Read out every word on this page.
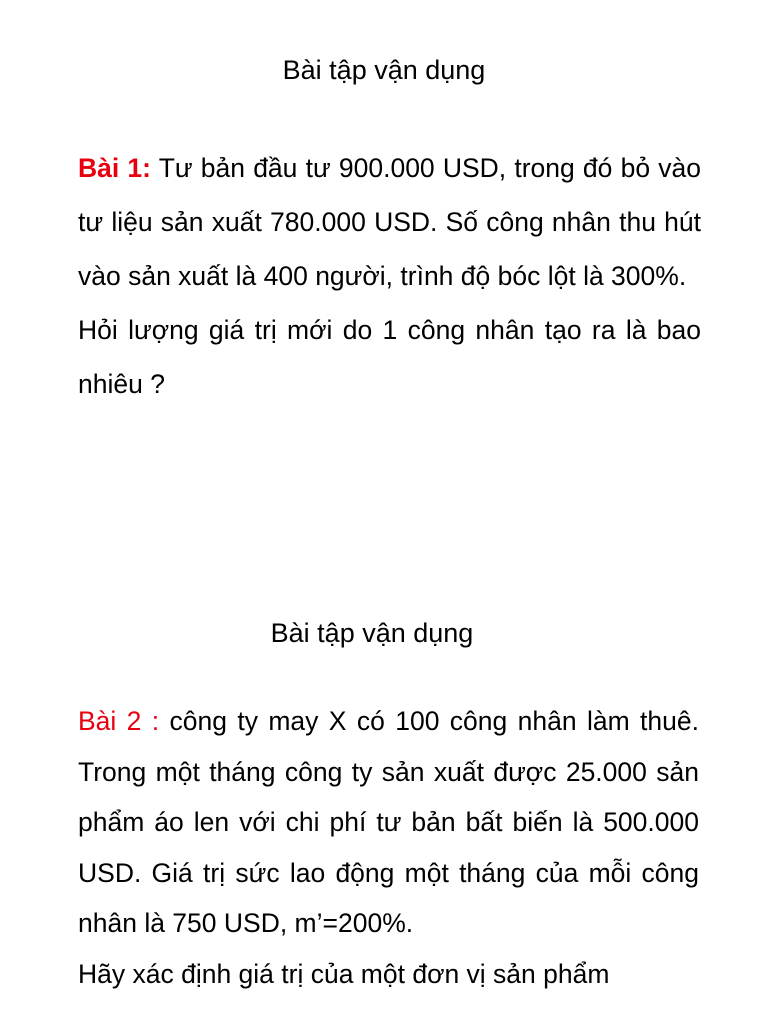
Bài tập vận dụng

Bài 1: Tư bản đầu tư 900.000 USD, trong đó bỏ vào tư liệu sản xuất 780.000 USD. Số công nhân thu hút vào sản xuất là 400 người, trình độ bóc lột là 300%.

Hỏi lượng giá trị mới do 1 công nhân tạo ra là bao nhiêu ?

Bài tập vận dụng

Bài 2 : công ty may X có 100 công nhân làm thuê. Trong một tháng công ty sản xuất được 25.000 sản phẩm áo len với chi phí tư bản bất biến là 500.000 USD. Giá trị sức lao động một tháng của mỗi công nhân là 750 USD, m’=200%.

Hãy xác định giá trị của một đơn vị sản phẩm
